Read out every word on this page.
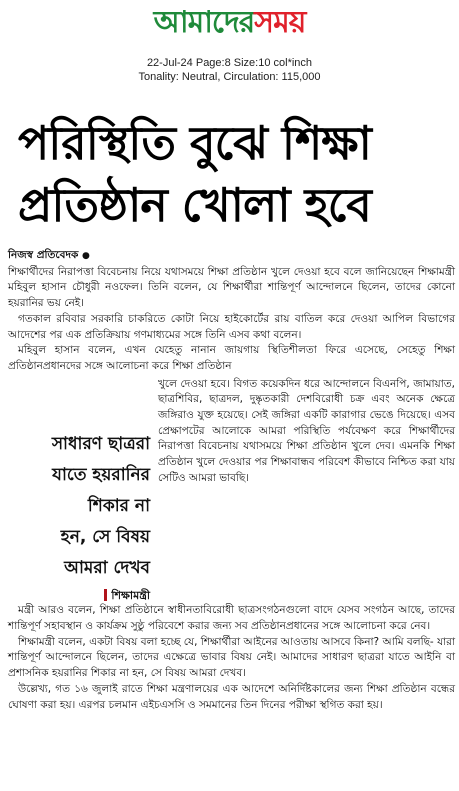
আমাদেরসময়
22-Jul-24 Page:8 Size:10 col*inch
Tonality: Neutral, Circulation: 115,000
পরিস্থিতি বুঝে শিক্ষা
প্রতিষ্ঠান খোলা হবে
নিজস্ব প্রতিবেদক ●
শিক্ষার্থীদের নিরাপত্তা বিবেচনায় নিয়ে যথাসময়ে শিক্ষা প্রতিষ্ঠান খুলে দেওয়া হবে বলে জানিয়েছেন শিক্ষামন্ত্রী মহিবুল হাসান চৌধুরী নওফেল। তিনি বলেন, যে শিক্ষার্থীরা শান্তিপূর্ণ আন্দোলনে ছিলেন, তাদের কোনো হয়রানির ভয় নেই।
গতকাল রবিবার সরকারি চাকরিতে কোটা নিয়ে হাইকোর্টের রায় বাতিল করে দেওয়া আপিল বিভাগের আদেশের পর এক প্রতিক্রিয়ায় গণমাধ্যমের সঙ্গে তিনি এসব কথা বলেন।
মহিবুল হাসান বলেন, এখন যেহেতু নানান জায়গায় স্থিতিশীলতা ফিরে এসেছে, সেহেতু শিক্ষা প্রতিষ্ঠানপ্রধানদের সঙ্গে আলোচনা করে শিক্ষা প্রতিষ্ঠান
সাধারণ ছাত্ররা
যাতে হয়রানির
শিকার না
হন, সে বিষয়
আমরা দেখব
শিক্ষামন্ত্রী
খুলে দেওয়া হবে। বিগত কয়েকদিন ধরে আন্দোলনে বিএনপি, জামায়াত, ছাত্রশিবির, ছাত্রদল, দুষ্কৃতকারী দেশবিরোধী চক্র এবং অনেক ক্ষেত্রে জঙ্গিরাও যুক্ত হয়েছে। সেই জঙ্গিরা একটি কারাগার ভেঙে দিয়েছে। এসব প্রেক্ষাপটের আলোকে আমরা পরিস্থিতি পর্যবেক্ষণ করে শিক্ষার্থীদের নিরাপত্তা বিবেচনায় যথাসময়ে শিক্ষা প্রতিষ্ঠান খুলে দেব। এমনকি শিক্ষা প্রতিষ্ঠান খুলে দেওয়ার পর শিক্ষাবান্ধব পরিবেশ কীভাবে নিশ্চিত করা যায় সেটিও আমরা ভাবছি।
মন্ত্রী আরও বলেন, শিক্ষা প্রতিষ্ঠানে স্বাধীনতাবিরোধী ছাত্রসংগঠনগুলো বাদে যেসব সংগঠন আছে, তাদের শান্তিপূর্ণ সহাবস্থান ও কার্যক্রম সুষ্ঠু পরিবেশে করার জন্য সব প্রতিষ্ঠানপ্রধানের সঙ্গে আলোচনা করে নেব।
শিক্ষামন্ত্রী বলেন, একটা বিষয় বলা হচ্ছে যে, শিক্ষার্থীরা আইনের আওতায় আসবে কিনা? আমি বলছি- যারা শান্তিপূর্ণ আন্দোলনে ছিলেন, তাদের এক্ষেত্রে ভাবার বিষয় নেই। আমাদের সাধারণ ছাত্ররা যাতে আইনি বা প্রশাসনিক হয়রানির শিকার না হন, সে বিষয় আমরা দেখব।
উল্লেখ্য, গত ১৬ জুলাই রাতে শিক্ষা মন্ত্রণালয়ের এক আদেশে অনির্দিষ্টকালের জন্য শিক্ষা প্রতিষ্ঠান বন্ধের ঘোষণা করা হয়। এরপর চলমান এইচএসসি ও সমমানের তিন দিনের পরীক্ষা স্থগিত করা হয়।
